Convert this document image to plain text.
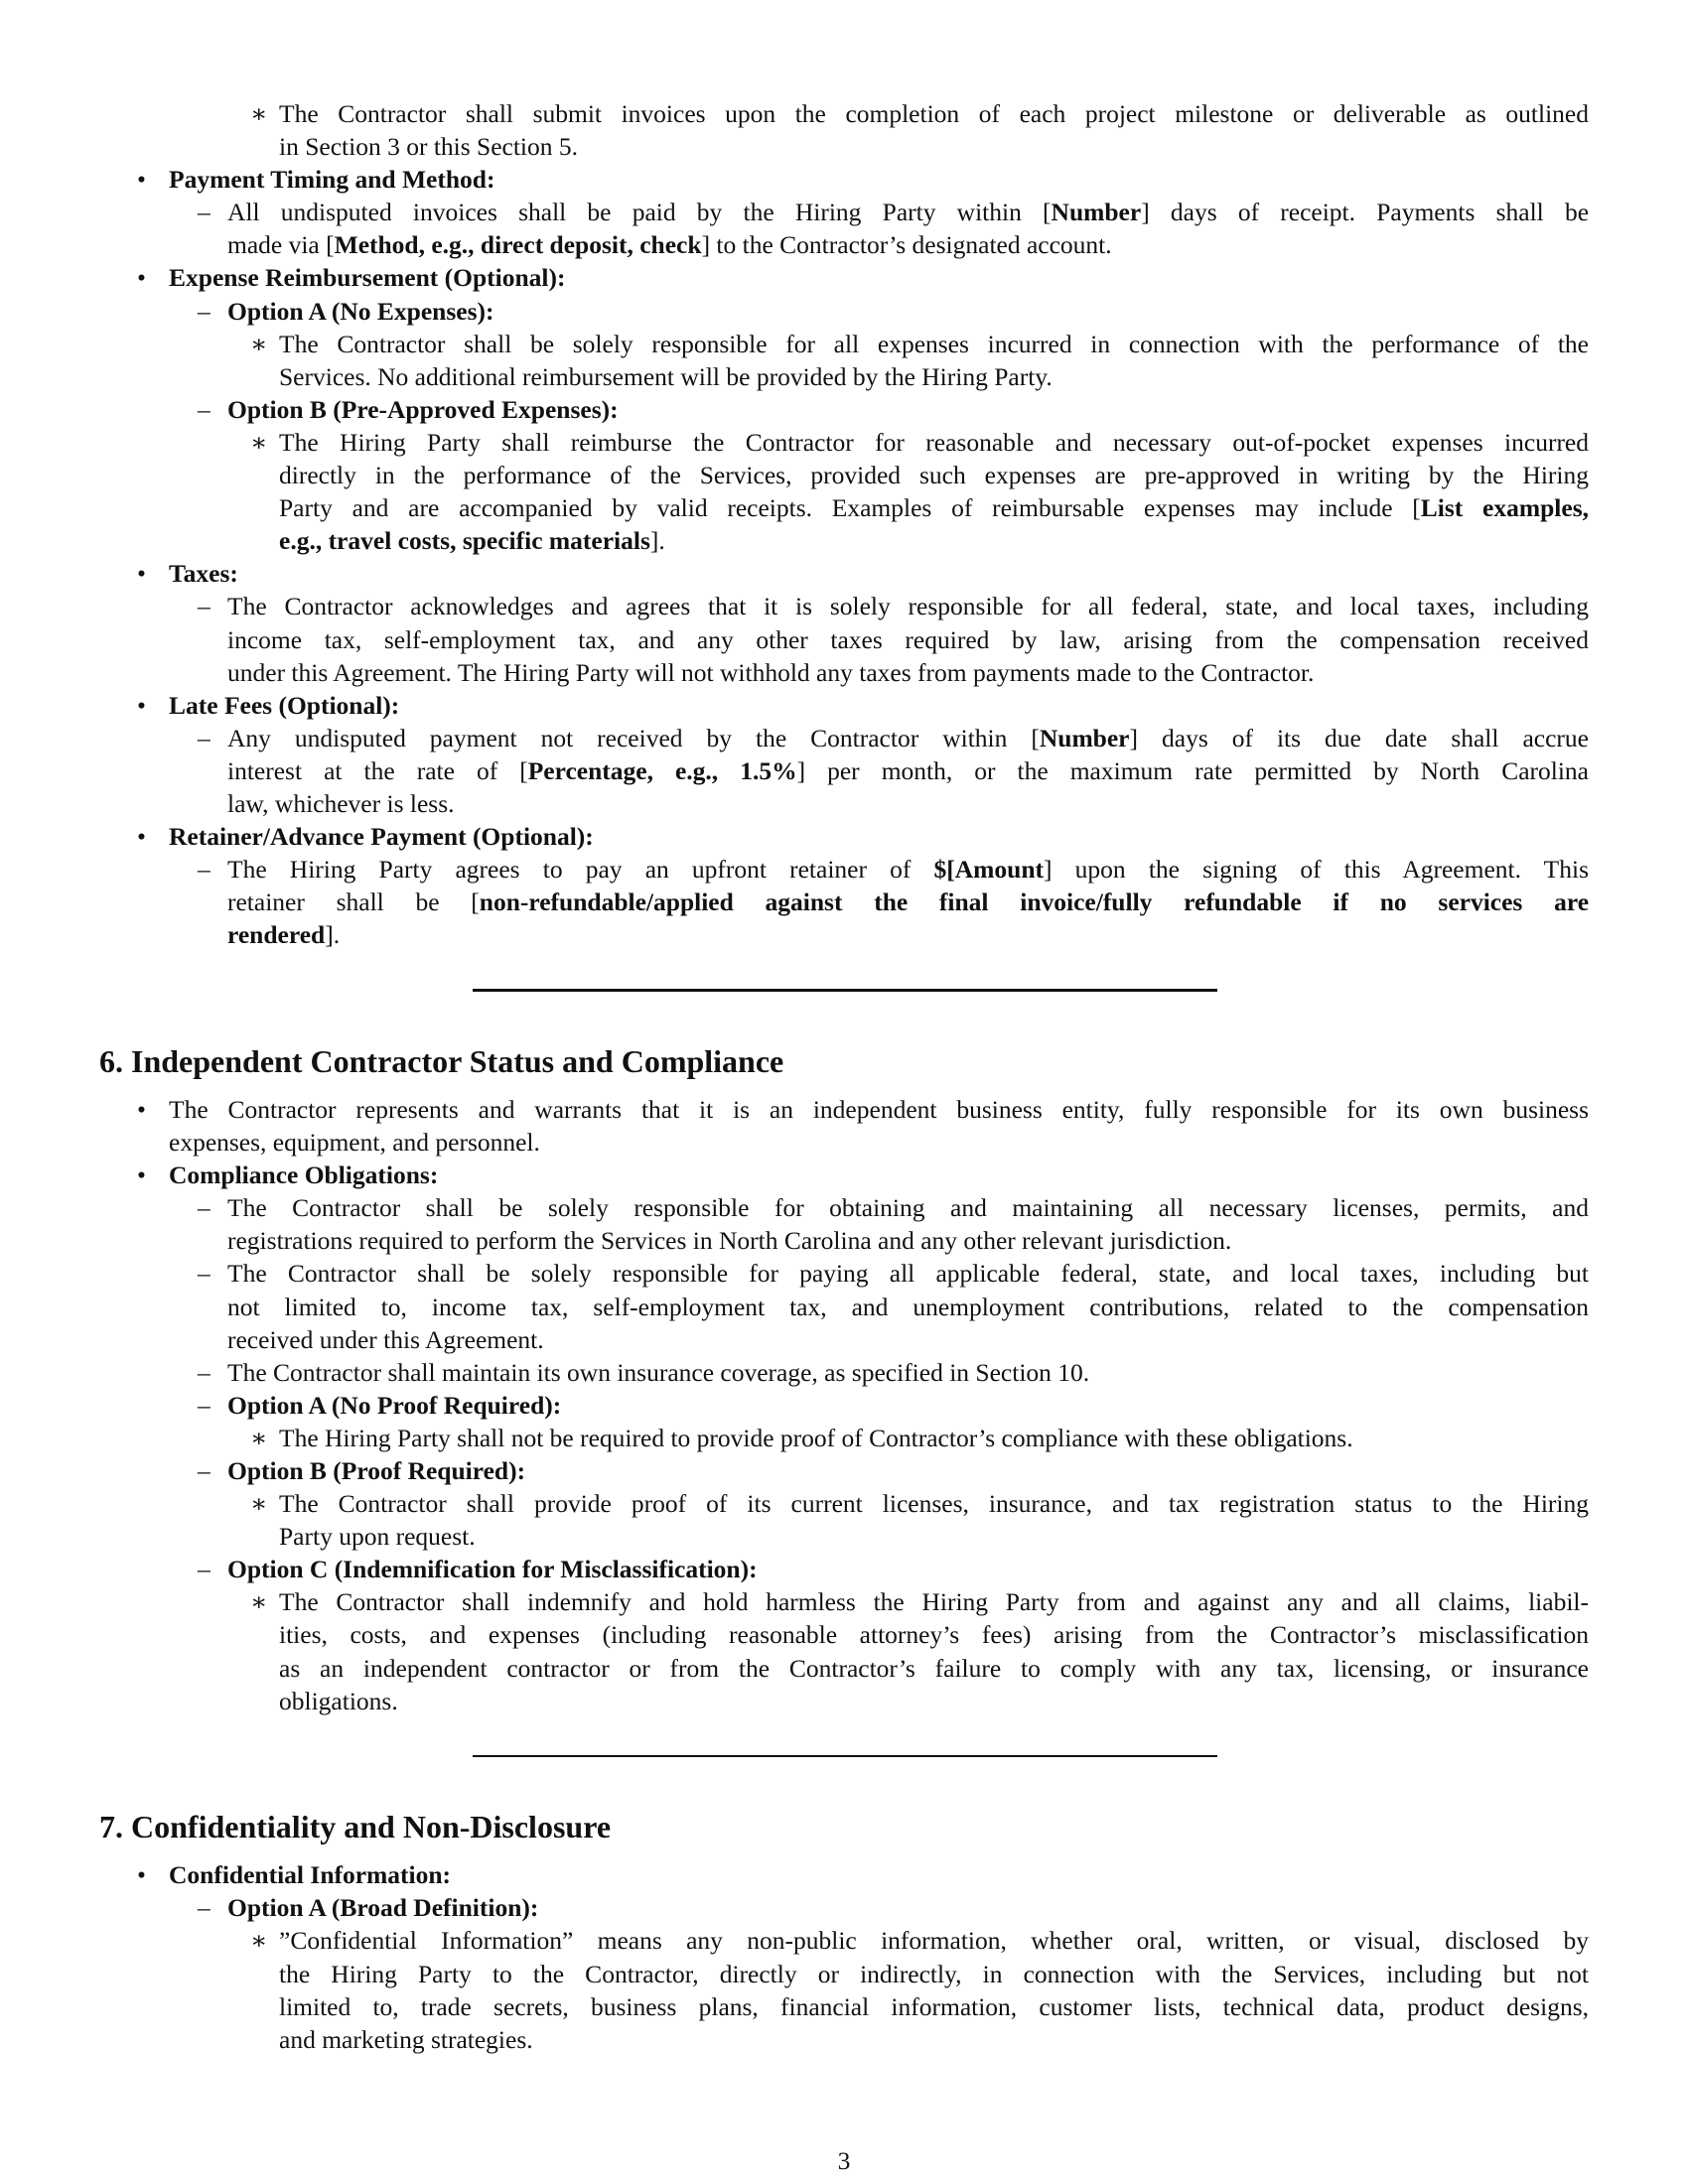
∗ The Contractor shall submit invoices upon the completion of each project milestone or deliverable as outlined
in Section 3 or this Section 5.
• Payment Timing and Method:
– All undisputed invoices shall be paid by the Hiring Party within [Number] days of receipt. Payments shall be
made via [Method, e.g., direct deposit, check] to the Contractor’s designated account.
• Expense Reimbursement (Optional):
– Option A (No Expenses):
∗ The Contractor shall be solely responsible for all expenses incurred in connection with the performance of the
Services. No additional reimbursement will be provided by the Hiring Party.
– Option B (Pre-Approved Expenses):
∗ The Hiring Party shall reimburse the Contractor for reasonable and necessary out-of-pocket expenses incurred
directly in the performance of the Services, provided such expenses are pre-approved in writing by the Hiring
Party and are accompanied by valid receipts. Examples of reimbursable expenses may include [List examples,
e.g., travel costs, specific materials].
• Taxes:
– The Contractor acknowledges and agrees that it is solely responsible for all federal, state, and local taxes, including
income tax, self-employment tax, and any other taxes required by law, arising from the compensation received
under this Agreement. The Hiring Party will not withhold any taxes from payments made to the Contractor.
• Late Fees (Optional):
– Any undisputed payment not received by the Contractor within [Number] days of its due date shall accrue
interest at the rate of [Percentage, e.g., 1.5%] per month, or the maximum rate permitted by North Carolina
law, whichever is less.
• Retainer/Advance Payment (Optional):
– The Hiring Party agrees to pay an upfront retainer of $[Amount] upon the signing of this Agreement. This
retainer shall be [non-refundable/applied against the final invoice/fully refundable if no services are
rendered].
6. Independent Contractor Status and Compliance
• The Contractor represents and warrants that it is an independent business entity, fully responsible for its own business
expenses, equipment, and personnel.
• Compliance Obligations:
– The Contractor shall be solely responsible for obtaining and maintaining all necessary licenses, permits, and
registrations required to perform the Services in North Carolina and any other relevant jurisdiction.
– The Contractor shall be solely responsible for paying all applicable federal, state, and local taxes, including but
not limited to, income tax, self-employment tax, and unemployment contributions, related to the compensation
received under this Agreement.
– The Contractor shall maintain its own insurance coverage, as specified in Section 10.
– Option A (No Proof Required):
∗ The Hiring Party shall not be required to provide proof of Contractor’s compliance with these obligations.
– Option B (Proof Required):
∗ The Contractor shall provide proof of its current licenses, insurance, and tax registration status to the Hiring
Party upon request.
– Option C (Indemnification for Misclassification):
∗ The Contractor shall indemnify and hold harmless the Hiring Party from and against any and all claims, liabil-
ities, costs, and expenses (including reasonable attorney’s fees) arising from the Contractor’s misclassification
as an independent contractor or from the Contractor’s failure to comply with any tax, licensing, or insurance
obligations.
7. Confidentiality and Non-Disclosure
• Confidential Information:
– Option A (Broad Definition):
∗ ”Confidential Information” means any non-public information, whether oral, written, or visual, disclosed by
the Hiring Party to the Contractor, directly or indirectly, in connection with the Services, including but not
limited to, trade secrets, business plans, financial information, customer lists, technical data, product designs,
and marketing strategies.
3
